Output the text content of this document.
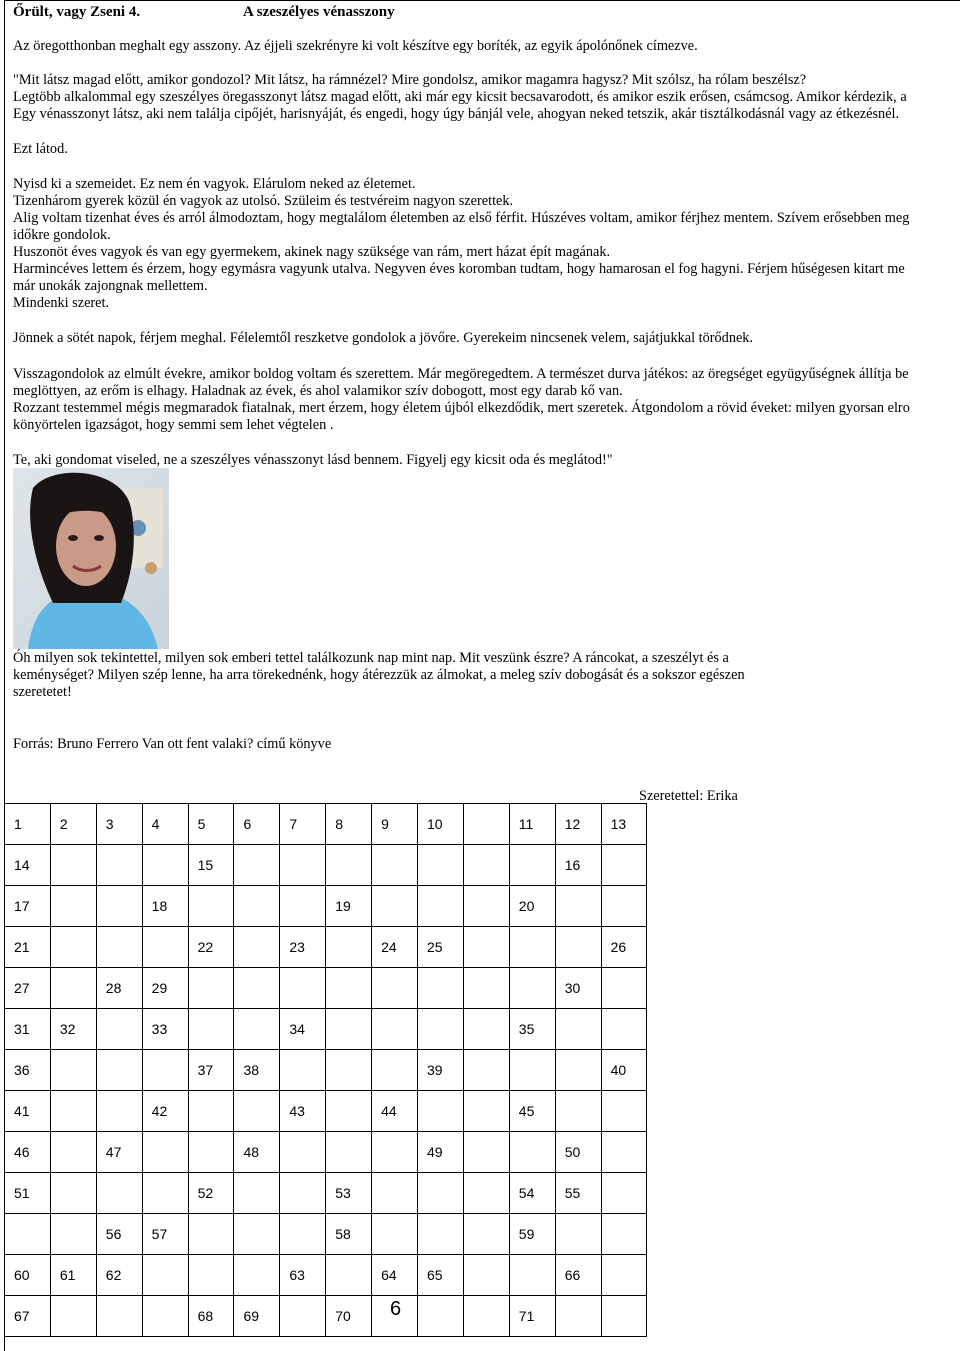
Őrült, vagy Zseni 4.	A szeszélyes vénasszony
Az öregotthonban meghalt egy asszony. Az éjjeli szekrényre ki volt készítve egy boríték, az egyik ápolónőnek címezve.
"Mit látsz magad előtt, amikor gondozol? Mit látsz, ha rámnézel? Mire gondolsz, amikor magamra hagysz? Mit szólsz, ha rólam beszélsz?
Legtöbb alkalommal egy szeszélyes öregasszonyt látsz magad előtt, aki már egy kicsit becsavarodott, és amikor eszik erősen, csámcsog. Amikor kérdezik, a
Egy vénasszonyt látsz, aki nem találja cipőjét, harisnyáját, és engedi, hogy úgy bánjál vele, ahogyan neked tetszik, akár tisztálkodásnál vagy az étkezésnél.
Ezt látod.
Nyisd ki a szemeidet. Ez nem én vagyok. Elárulom neked az életemet.
Tizenhárom gyerek közül én vagyok az utolsó. Szüleim és testvéreim nagyon szerettek.
Alig voltam tizenhat éves és arról álmodoztam, hogy megtalálom életemben az első férfit. Húszéves voltam, amikor férjhez mentem. Szívem erősebben meg
időkre gondolok.
Huszonöt éves vagyok és van egy gyermekem, akinek nagy szüksége van rám, mert házat épít magának.
Harmincéves lettem és érzem, hogy egymásra vagyunk utalva. Negyven éves koromban tudtam, hogy hamarosan el fog hagyni. Férjem hűségesen kitart me
már unokák zajongnak mellettem.
Mindenki szeret.
Jönnek a sötét napok, férjem meghal. Félelemtől reszketve gondolok a jövőre. Gyerekeim nincsenek velem, sajátjukkal törődnek.
Visszagondolok az elmúlt évekre, amikor boldog voltam és szerettem. Már megöregedtem. A természet durva játékos: az öregséget együgyűségnek állítja be
meglöttyen, az erőm is elhagy. Haladnak az évek, és ahol valamikor szív dobogott, most egy darab kő van.
Rozzant testemmel mégis megmaradok fiatalnak, mert érzem, hogy életem újból elkezdődik, mert szeretek. Átgondolom a rövid éveket: milyen gyorsan elro
könyörtelen igazságot, hogy semmi sem lehet végtelen .
Te, aki gondomat viseled, ne a szeszélyes vénasszonyt lásd bennem. Figyelj egy kicsit oda és meglátod!"
Óh milyen sok tekintettel, milyen sok emberi tettel találkozunk nap mint nap. Mit veszünk észre? A ráncokat, a szeszélyt és a
keménységet? Milyen szép lenne, ha arra törekednénk, hogy átérezzük az álmokat, a meleg szív dobogását és a sokszor egészen
szeretetet!
Forrás: Bruno Ferrero Van ott fent valaki? című könyve
Szeretettel: Erika
1	2	3	4	5	6	7	8	9	10		11	12	13
14				15								16	
17			18				19				20		
21				22		23		24	25				26
27		28	29									30	
31	32		33			34					35		
36				37	38				39				40
41			42			43		44			45		
46		47			48				49			50	
51				52			53				54	55	
		56	57				58				59		
60	61	62				63		64	65			66	
67				68	69		70				71		
6
